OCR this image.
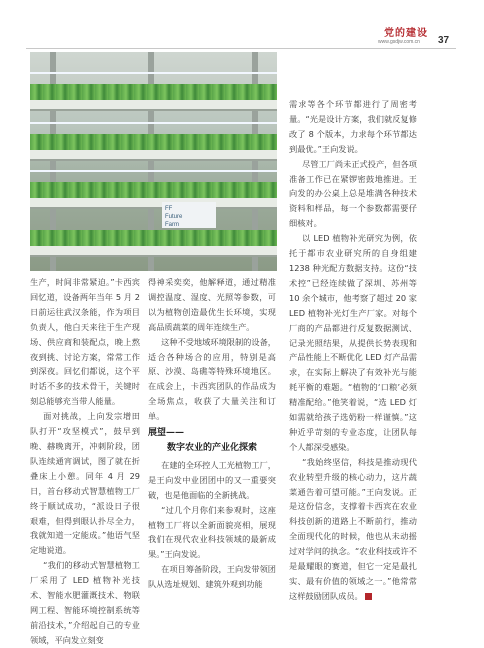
党的建设
www.gsdjw.com.cn 37
FF
Future
Farm

生产，时间非常紧迫。”卡西宾回忆道，设备两年当年 5 月 2 日前运往武汉条能，作为项目负责人，他白天来往于生产现场、供应商和装配点，晚上熬夜到挑、讨论方案，常常工作到深夜。回忆们都说，这个平时话不多的技术骨干，关键时刻总能够充当带人能量。

面对挑战，上向发宗增田队打开“攻坚模式”，鼓早到晚、赫晚离开，冲刺阶段，团队连续通宵调试，图了就在折叠床上小憩。同年 4 月 29 日，首台移动式智慧植物工厂终于顺试成功，“派设日子很艰难，但得到眼认扑尽全力，我就知道一定能成。”他语气坚定地说道。

“我们的移动式智慧植物工厂采用了 LED 植物补光技术、智能水肥灌溉技术、物联网工程、智能环境控制系统等前沿技术，”介绍起自己的专业领域，平向发立刻变

得神采奕奕，他解释道，通过精准调控温度、湿度、光照等参数，可以为植物创造最优生长环境，实现高品质蔬菜的周年连续生产。

这种不受地域环境限制的设备，适合各种场合的应用，特别是高原、沙漠、岛礁等特殊环境地区。在成会上，卡西宾团队的作品成为全场焦点，收获了大量关注和订单。

展望——
数字农业的产业化探索

在建的全环控人工光植物工厂，是王向发中业团团中的又一重要突破，也是他面临的全新挑战。

“过几个月你们来参观时，这座植物工厂将以全新面貌亮相，展现我们在现代农业科技领域的最新成果。”王向发说。

在项目筹备阶段，王向发带领团队从选址规划、建筑外观到功能

需求等各个环节都进行了周密考量。“光是设计方案，我们就反复修改了 8 个版本，力求每个环节都达到最优。”王向发说。

尽管工厂尚未正式投产，但各项准备工作已在紧锣密鼓地推进。王向发的办公桌上总是堆满各种技术资料和样品，每一个参数都需要仔细核对。

以 LED 植物补光研究为例，依托于都市农业研究所的自身组建 1238 种光配方数据支持。这份“技术控”已经连续做了深圳、苏州等 10 余个城市，他考察了超过 20 家 LED 植物补光灯生产厂家。对每个厂商的产品都进行反复数据测试、记录光照结果，从提供长势表现和产品性能上不断优化 LED 灯产品需求，在实际上解决了有效补光与能耗平衡的难题。“植物的‘口粮’必须精准配给。”他笑着说，“选 LED 灯如需就给孩子选奶粉一样谨慎。”这种近乎苛刻的专业态度，让团队每个人都深受感染。

“我始终坚信，科技是推动现代农业转型升级的核心动力，这片蔬菜通告着可望可能。”王向发说。正是这份信念，支撑着卡西宾在农业科技创新的道路上不断前行，推动全面现代化的时候，他也从未动摇过对学问的执念。“农业科技或许不是最耀眼的赛道，但它一定是最扎实、最有价值的领域之一。”他常常这样鼓励团队成员。
